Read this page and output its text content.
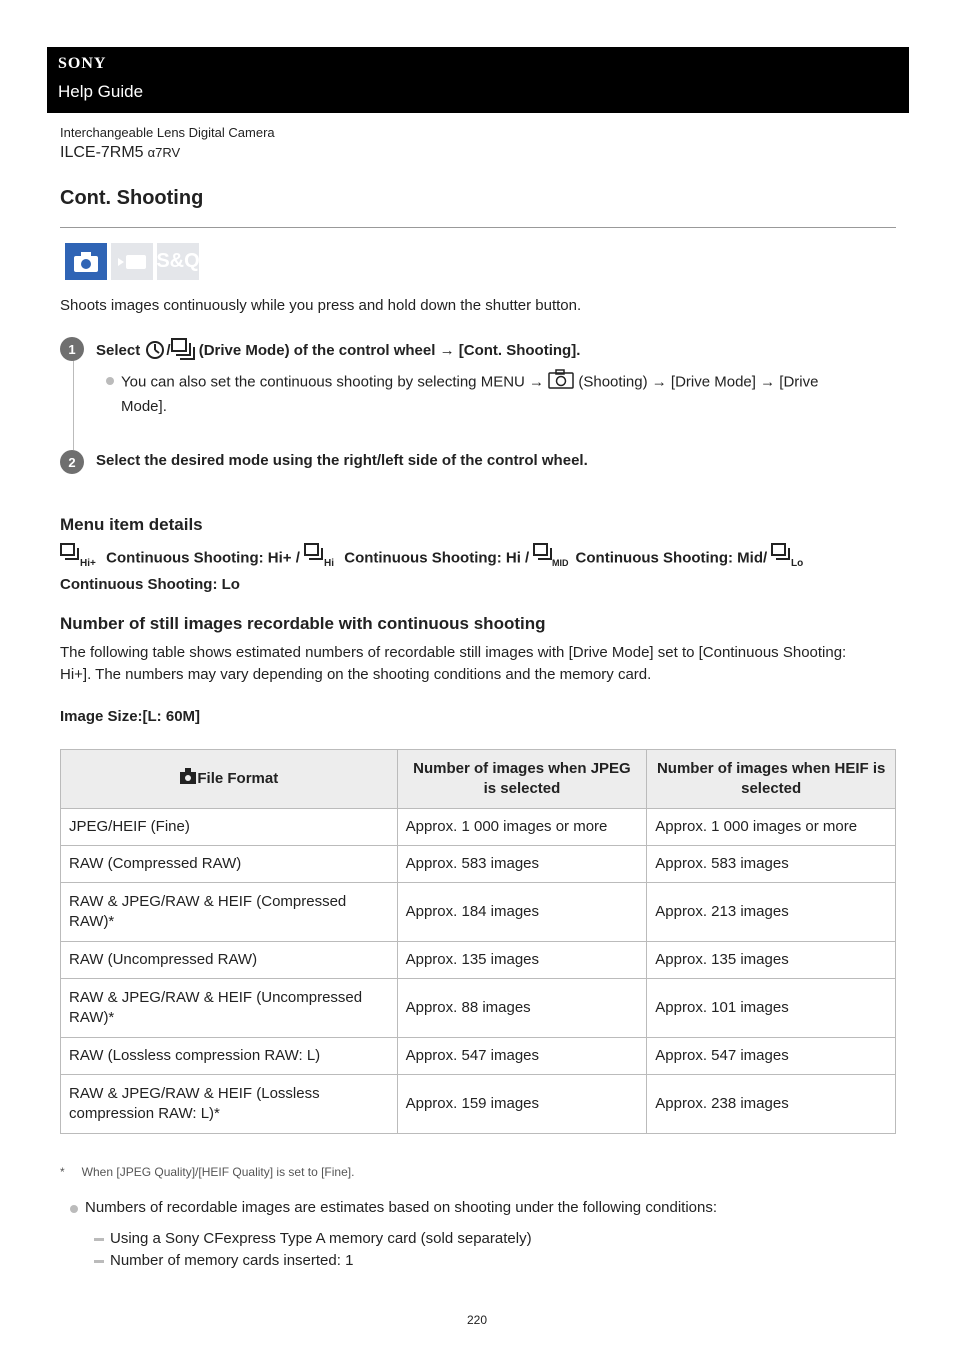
SONY
Help Guide
Interchangeable Lens Digital Camera
ILCE-7RM5 α7RV
Cont. Shooting
S&Q
Shoots images continuously while you press and hold down the shutter button.
1	Select / (Drive Mode) of the control wheel → [Cont. Shooting].
You can also set the continuous shooting by selecting MENU → (Shooting) → [Drive Mode] → [Drive
Mode].
2	Select the desired mode using the right/left side of the control wheel.
Menu item details
Hi+ Continuous Shooting: Hi+ / Hi Continuous Shooting: Hi /	MID Continuous Shooting: Mid/ Lo

Continuous Shooting: Lo
Number of still images recordable with continuous shooting
The following table shows estimated numbers of recordable still images with [Drive Mode] set to [Continuous Shooting:
Hi+]. The numbers may vary depending on the shooting conditions and the memory card.
Image Size:[L: 60M]
File Format	Number of images when JPEG is selected	Number of images when HEIF is selected
JPEG/HEIF (Fine)	Approx. 1 000 images or more	Approx. 1 000 images or more
RAW (Compressed RAW)	Approx. 583 images	Approx. 583 images
RAW & JPEG/RAW & HEIF (Compressed RAW)*	Approx. 184 images	Approx. 213 images
RAW (Uncompressed RAW)	Approx. 135 images	Approx. 135 images
RAW & JPEG/RAW & HEIF (Uncompressed RAW)*	Approx. 88 images	Approx. 101 images
RAW (Lossless compression RAW: L)	Approx. 547 images	Approx. 547 images
RAW & JPEG/RAW & HEIF (Lossless compression RAW: L)*	Approx. 159 images	Approx. 238 images
* When [JPEG Quality]/[HEIF Quality] is set to [Fine].
Numbers of recordable images are estimates based on shooting under the following conditions:
Using a Sony CFexpress Type A memory card (sold separately)
Number of memory cards inserted: 1
220
